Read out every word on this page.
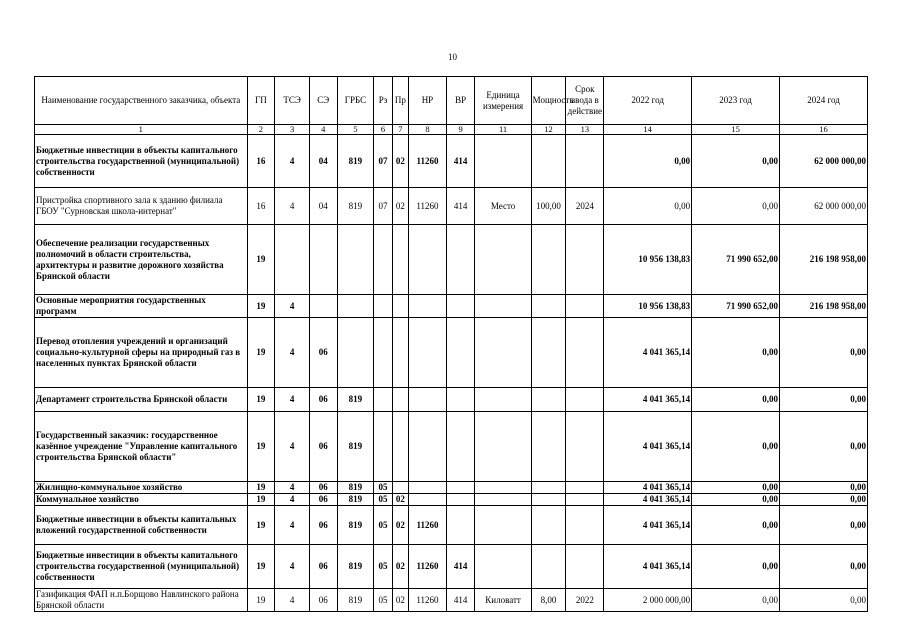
10
Наименование государственного заказчика, объекта	ГП	ТСЭ	СЭ	ГРБС	Рз	Пр	НР	ВР	Единица измерения	Мощность	Срок ввода в действие	2022 год	2023 год	2024 год
1	2	3	4	5	6	7	8	9	11	12	13	14	15	16
Бюджетные инвестиции в объекты капитального строительства государственной (муниципальной) собственности	16	4	04	819	07	02	11260	414				0,00	0,00	62 000 000,00
Пристройка спортивного зала к зданию филиала ГБОУ "Сурновская школа-интернат"	16	4	04	819	07	02	11260	414	Место	100,00	2024	0,00	0,00	62 000 000,00
Обеспечение реализации государственных полномочий в области строительства, архитектуры и развитие дорожного хозяйства Брянской области	19											10 956 138,83	71 990 652,00	216 198 958,00
Основные мероприятия государственных программ	19	4										10 956 138,83	71 990 652,00	216 198 958,00
Перевод отопления учреждений и организаций социально-культурной сферы на природный газ в населенных пунктах Брянской области	19	4	06									4 041 365,14	0,00	0,00
Департамент строительства Брянской области	19	4	06	819								4 041 365,14	0,00	0,00
Государственный заказчик: государственное казённое учреждение "Управление капитального строительства Брянской области"	19	4	06	819								4 041 365,14	0,00	0,00
Жилищно-коммунальное хозяйство	19	4	06	819	05							4 041 365,14	0,00	0,00
Коммунальное хозяйство	19	4	06	819	05	02						4 041 365,14	0,00	0,00
Бюджетные инвестиции в объекты капитальных вложений государственной собственности	19	4	06	819	05	02	11260					4 041 365,14	0,00	0,00
Бюджетные инвестиции в объекты капитального строительства государственной (муниципальной) собственности	19	4	06	819	05	02	11260	414				4 041 365,14	0,00	0,00
Газификация ФАП н.п.Борщово Навлинского района Брянской области	19	4	06	819	05	02	11260	414	Киловатт	8,00	2022	2 000 000,00	0,00	0,00
